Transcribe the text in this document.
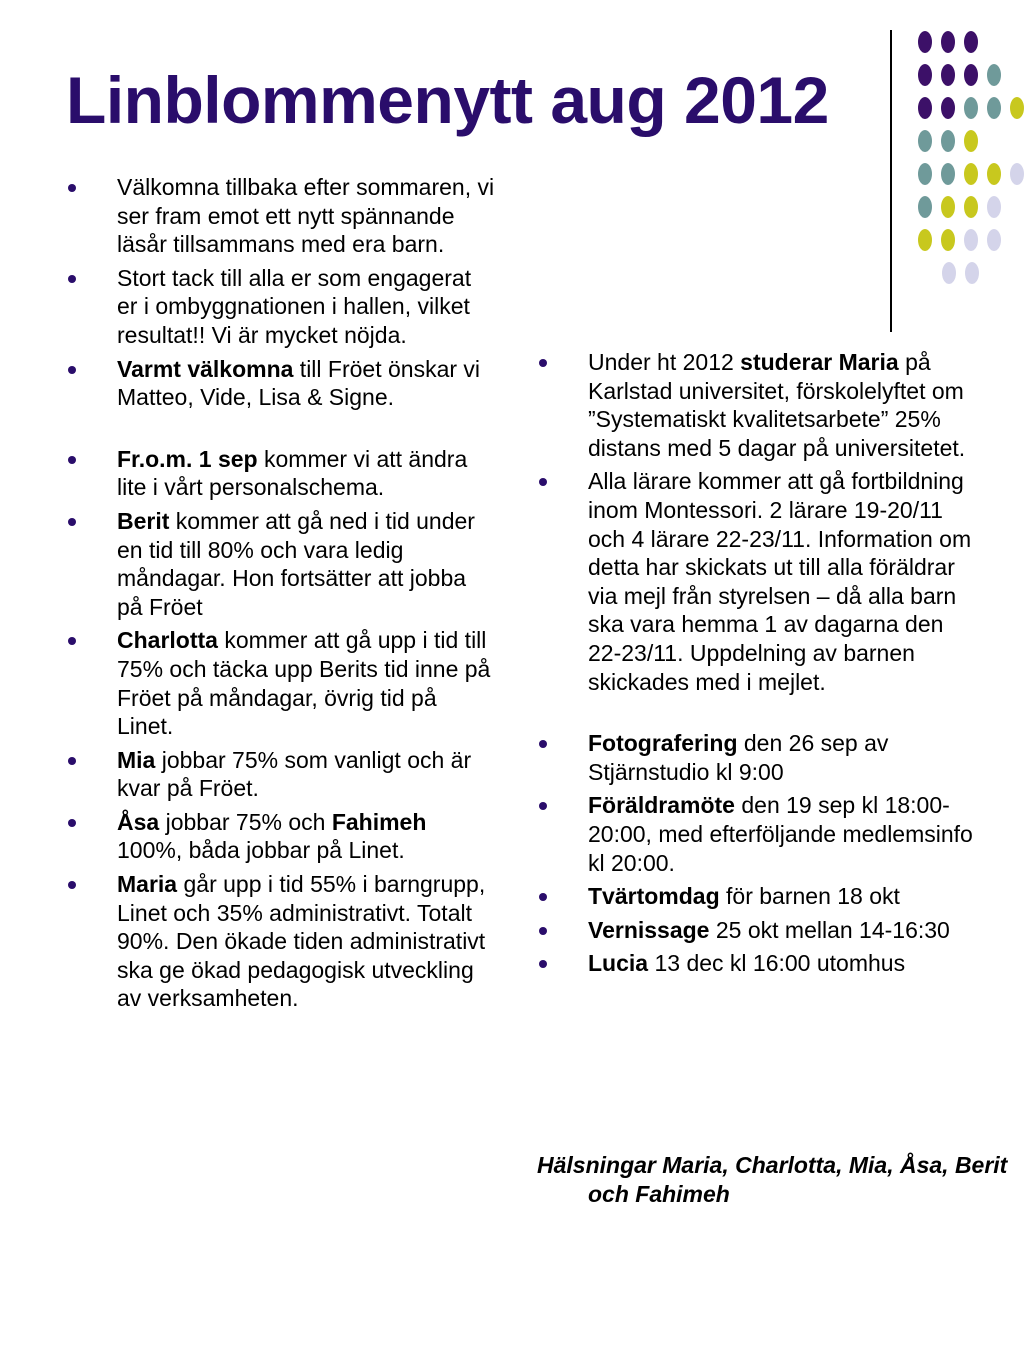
Linblommenytt aug 2012
Välkomna tillbaka efter sommaren, vi ser fram emot ett nytt spännande läsår tillsammans med era barn.
Stort tack till alla er som engagerat er i ombyggnationen i hallen, vilket resultat!! Vi är mycket nöjda.
Varmt välkomna till Fröet önskar vi Matteo, Vide, Lisa & Signe.
Fr.o.m. 1 sep kommer vi att ändra lite i vårt personalschema.
Berit kommer att gå ned i tid under en tid till 80% och vara ledig måndagar. Hon fortsätter att jobba på Fröet
Charlotta kommer att gå upp i tid till 75% och täcka upp Berits tid inne på Fröet på måndagar, övrig tid på Linet.
Mia jobbar 75% som vanligt och är kvar på Fröet.
Åsa jobbar 75% och Fahimeh 100%, båda jobbar på Linet.
Maria går upp i tid 55% i barngrupp, Linet och 35% administrativt. Totalt 90%. Den ökade tiden administrativt ska ge ökad pedagogisk utveckling av verksamheten.
Under ht 2012 studerar Maria på Karlstad universitet, förskolelyftet om ”Systematiskt kvalitetsarbete” 25% distans med 5 dagar på universitetet.
Alla lärare kommer att gå fortbildning inom Montessori. 2 lärare 19-20/11 och 4 lärare 22-23/11. Information om detta har skickats ut till alla föräldrar via mejl från styrelsen – då alla barn ska vara hemma 1 av dagarna den 22-23/11. Uppdelning av barnen skickades med i mejlet.
Fotografering den 26 sep av Stjärnstudio kl 9:00
Föräldramöte den 19 sep kl 18:00-20:00, med efterföljande medlemsinfo kl 20:00.
Tvärtomdag för barnen 18 okt
Vernissage 25 okt mellan 14-16:30
Lucia 13 dec kl 16:00 utomhus

Hälsningar Maria, Charlotta, Mia, Åsa, Berit och Fahimeh
